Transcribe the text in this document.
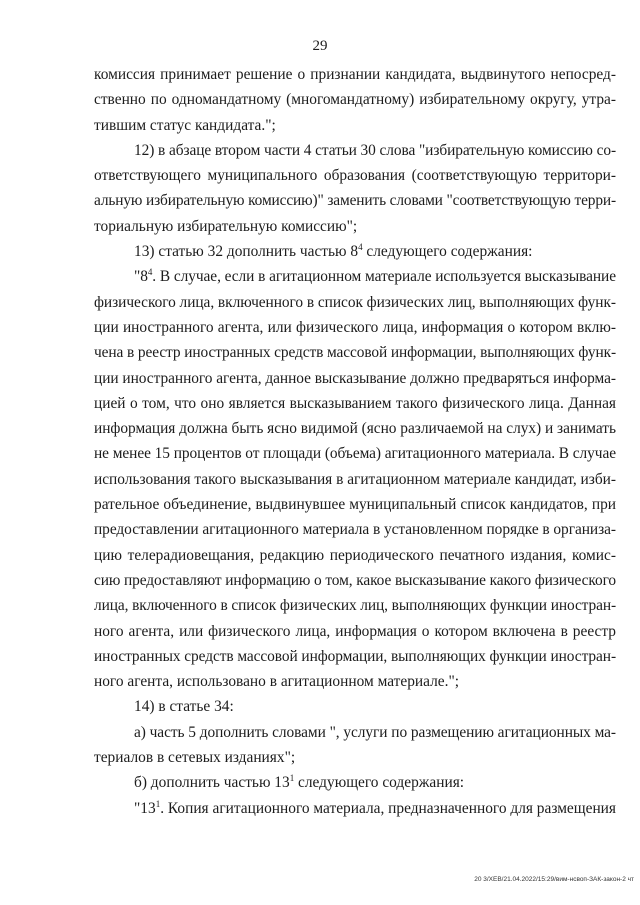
29
комиссия принимает решение о признании кандидата, выдвинутого непосред-
ственно по одномандатному (многомандатному) избирательному округу, утра-
тившим статус кандидата.";
12) в абзаце втором части 4 статьи 30 слова "избирательную комиссию со-
ответствующего муниципального образования (соответствующую территори-
альную избирательную комиссию)" заменить словами "соответствующую терри-
ториальную избирательную комиссию";
13) статью 32 дополнить частью $8^4$ следующего содержания:
"$8^4$. В случае, если в агитационном материале используется высказывание
физического лица, включенного в список физических лиц, выполняющих функ-
ции иностранного агента, или физического лица, информация о котором вклю-
чена в реестр иностранных средств массовой информации, выполняющих функ-
ции иностранного агента, данное высказывание должно предваряться информа-
цией о том, что оно является высказыванием такого физического лица. Данная
информация должна быть ясно видимой (ясно различаемой на слух) и занимать
не менее 15 процентов от площади (объема) агитационного материала. В случае
использования такого высказывания в агитационном материале кандидат, изби-
рательное объединение, выдвинувшее муниципальный список кандидатов, при
предоставлении агитационного материала в установленном порядке в организа-
цию телерадиовещания, редакцию периодического печатного издания, комис-
сию предоставляют информацию о том, какое высказывание какого физического
лица, включенного в список физических лиц, выполняющих функции иностран-
ного агента, или физического лица, информация о котором включена в реестр
иностранных средств массовой информации, выполняющих функции иностран-
ного агента, использовано в агитационном материале.";
14) в статье 34:
а) часть 5 дополнить словами ", услуги по размещению агитационных ма-
териалов в сетевых изданиях";
б) дополнить частью $13^1$ следующего содержания:
"$13^1$. Копия агитационного материала, предназначенного для размещения
20 3/ХЕВ/21.04.2022/15:29/вим-нсвоп-ЗАК-закон-2 чт
